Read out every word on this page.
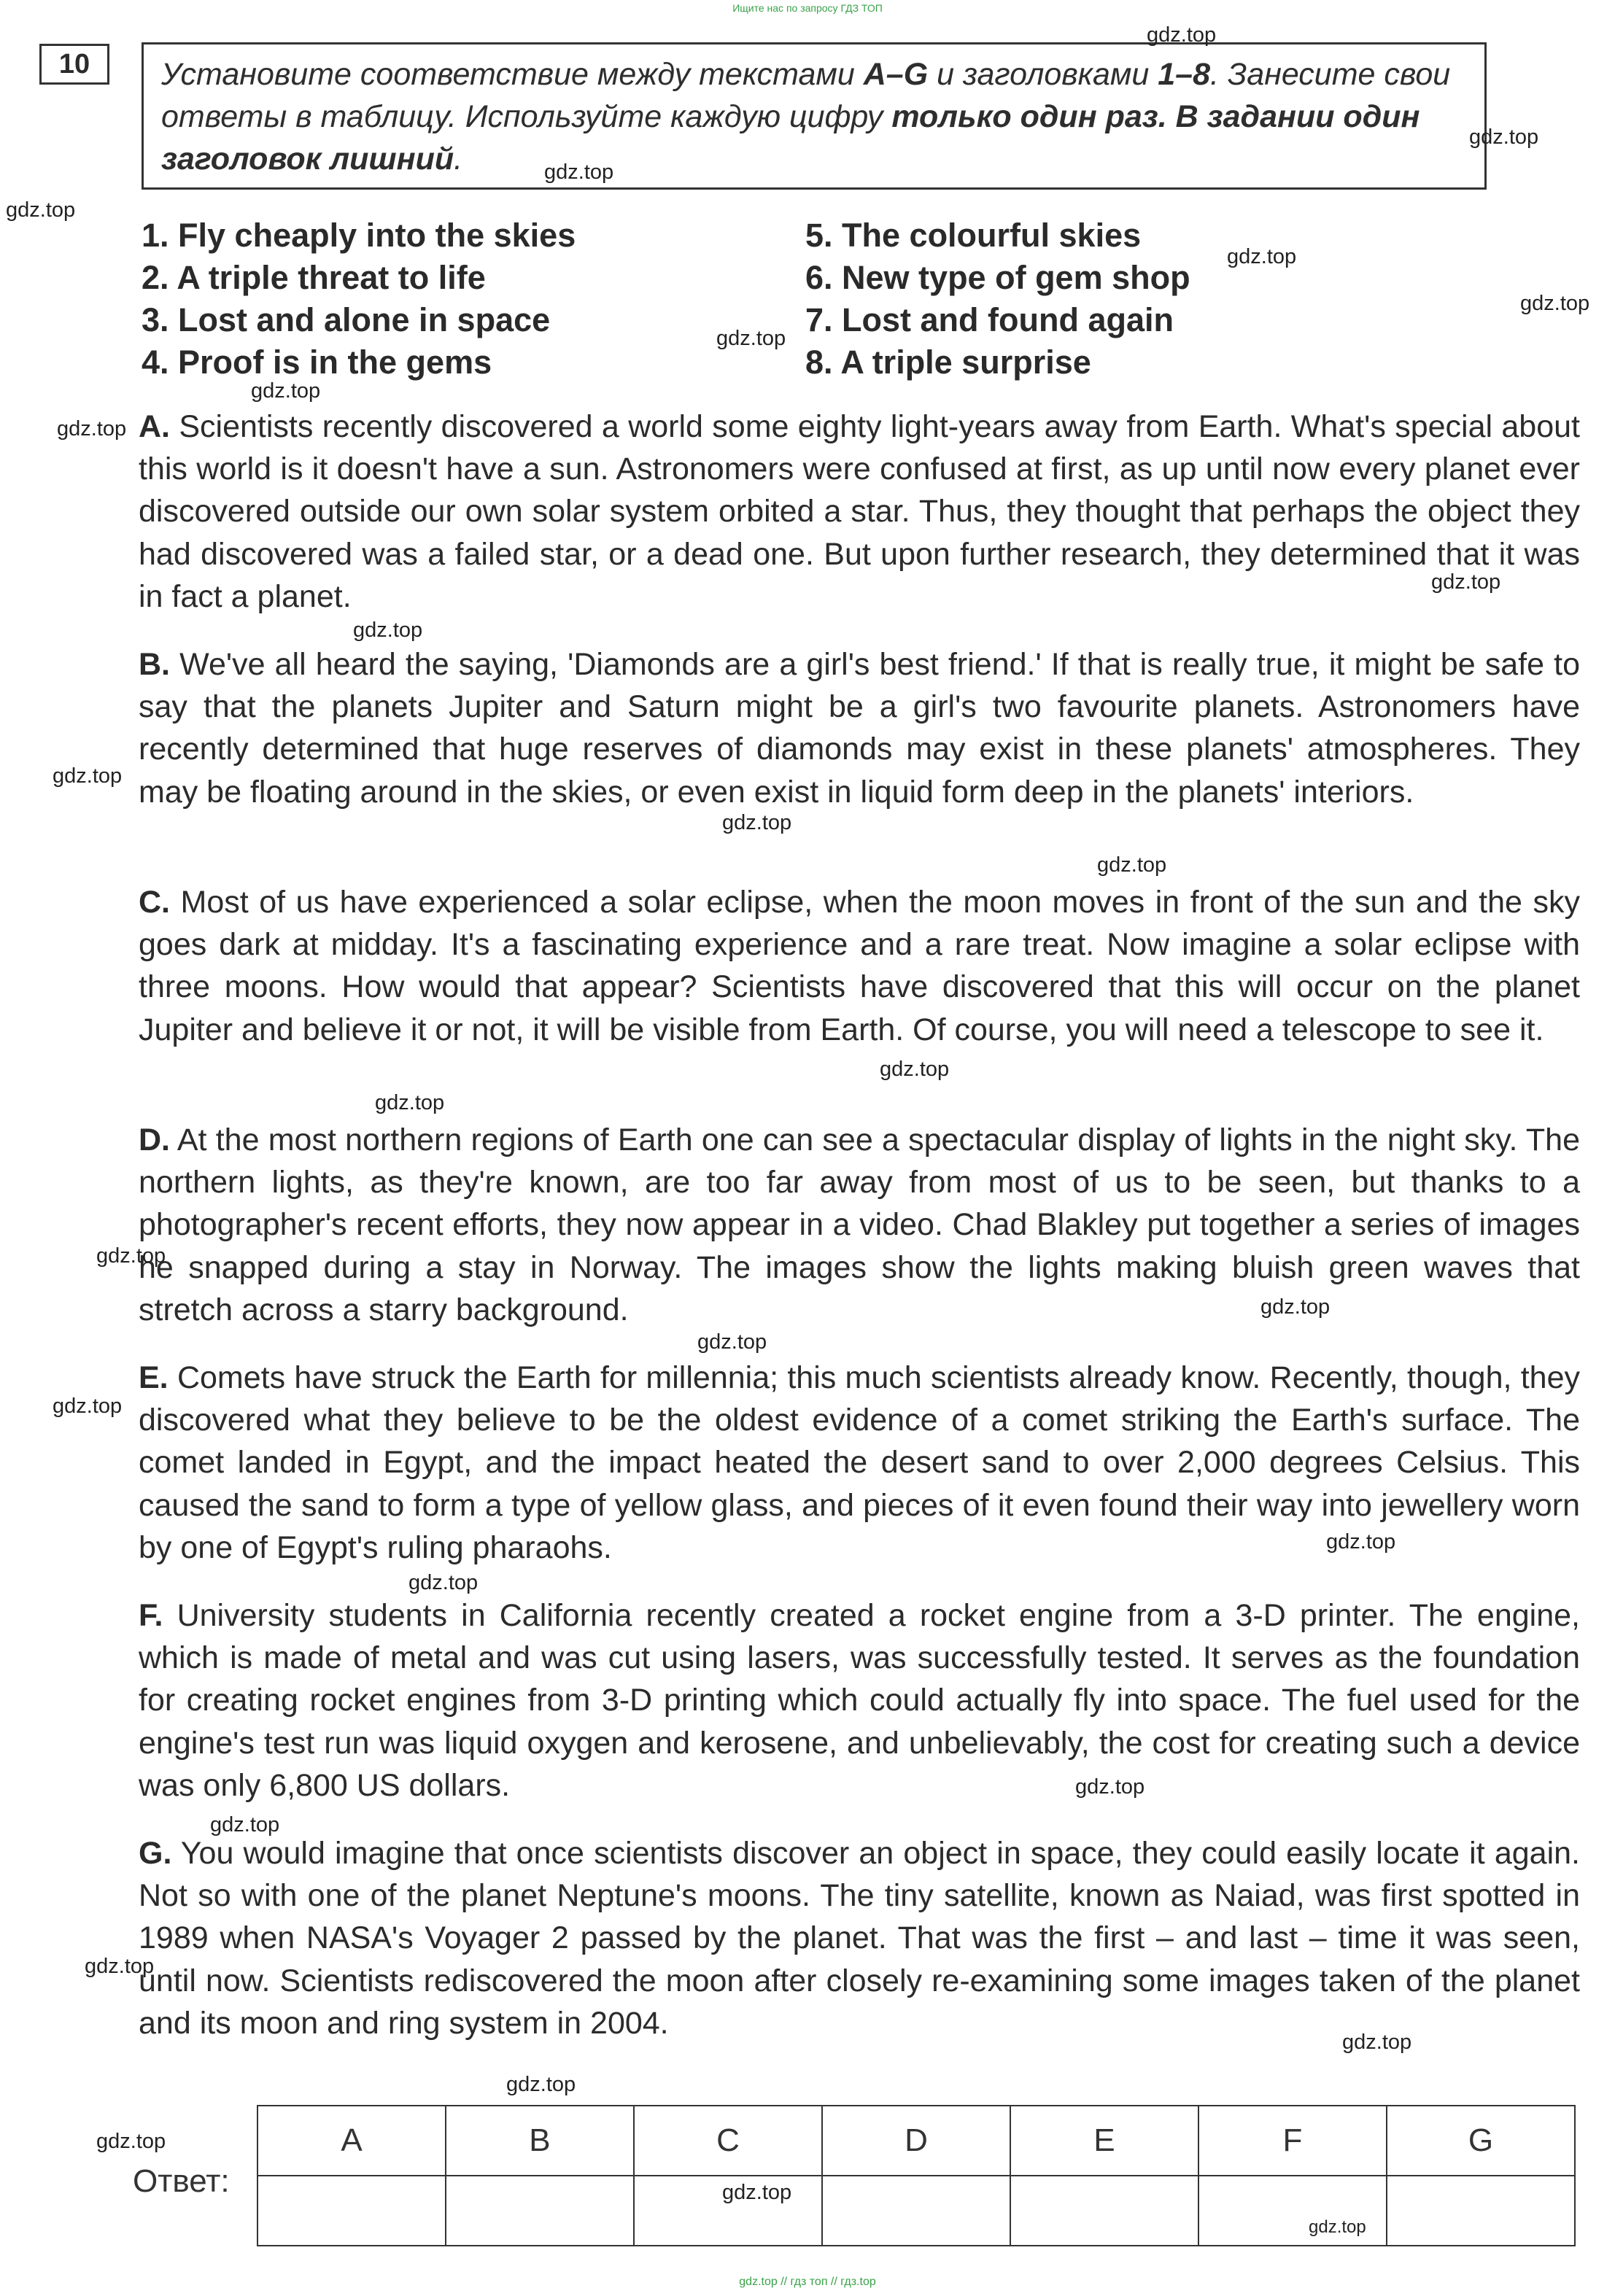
Ищите нас по запросу ГДЗ ТОП
10	Установите соответствие между текстами A–G и заголовками 1–8. Занесите свои ответы в таблицу. Используйте каждую цифру только один раз. В задании один заголовок лишний.
1. Fly cheaply into the skies
2. A triple threat to life
3. Lost and alone in space
4. Proof is in the gems
5. The colourful skies
6. New type of gem shop
7. Lost and found again
8. A triple surprise
A. Scientists recently discovered a world some eighty light-years away from Earth. What's special about this world is it doesn't have a sun. Astronomers were confused at first, as up until now every planet ever discovered outside our own solar system orbited a star. Thus, they thought that perhaps the object they had discovered was a failed star, or a dead one. But upon further research, they determined that it was in fact a planet.
B. We've all heard the saying, 'Diamonds are a girl's best friend.' If that is really true, it might be safe to say that the planets Jupiter and Saturn might be a girl's two favourite planets. Astronomers have recently determined that huge reserves of diamonds may exist in these planets' atmospheres. They may be floating around in the skies, or even exist in liquid form deep in the planets' interiors.
C. Most of us have experienced a solar eclipse, when the moon moves in front of the sun and the sky goes dark at midday. It's a fascinating experience and a rare treat. Now imagine a solar eclipse with three moons. How would that appear? Scientists have discovered that this will occur on the planet Jupiter and believe it or not, it will be visible from Earth. Of course, you will need a telescope to see it.
D. At the most northern regions of Earth one can see a spectacular display of lights in the night sky. The northern lights, as they're known, are too far away from most of us to be seen, but thanks to a photographer's recent efforts, they now appear in a video. Chad Blakley put together a series of images he snapped during a stay in Norway. The images show the lights making bluish green waves that stretch across a starry background.
E. Comets have struck the Earth for millennia; this much scientists already know. Recently, though, they discovered what they believe to be the oldest evidence of a comet striking the Earth's surface. The comet landed in Egypt, and the impact heated the desert sand to over 2,000 degrees Celsius. This caused the sand to form a type of yellow glass, and pieces of it even found their way into jewellery worn by one of Egypt's ruling pharaohs.
F. University students in California recently created a rocket engine from a 3-D printer. The engine, which is made of metal and was cut using lasers, was successfully tested. It serves as the foundation for creating rocket engines from 3-D printing which could actually fly into space. The fuel used for the engine's test run was liquid oxygen and kerosene, and unbelievably, the cost for creating such a device was only 6,800 US dollars.
G. You would imagine that once scientists discover an object in space, they could easily locate it again. Not so with one of the planet Neptune's moons. The tiny satellite, known as Naiad, was first spotted in 1989 when NASA's Voyager 2 passed by the planet. That was the first – and last – time it was seen, until now. Scientists rediscovered the moon after closely re-examining some images taken of the planet and its moon and ring system in 2004.
Ответ:
A	B	C	D	E	F	G

gdz.top
gdz.top
gdz.top
gdz.top
gdz.top
gdz.top
gdz.top
gdz.top
gdz.top
gdz.top
gdz.top
gdz.top
gdz.top
gdz.top
gdz.top
gdz.top
gdz.top
gdz.top
gdz.top
gdz.top
gdz.top
gdz.top
gdz.top
gdz.top
gdz.top
gdz.top
gdz.top
gdz.top
gdz.top
gdz.top
gdz.top // гдз топ // гдз.top
